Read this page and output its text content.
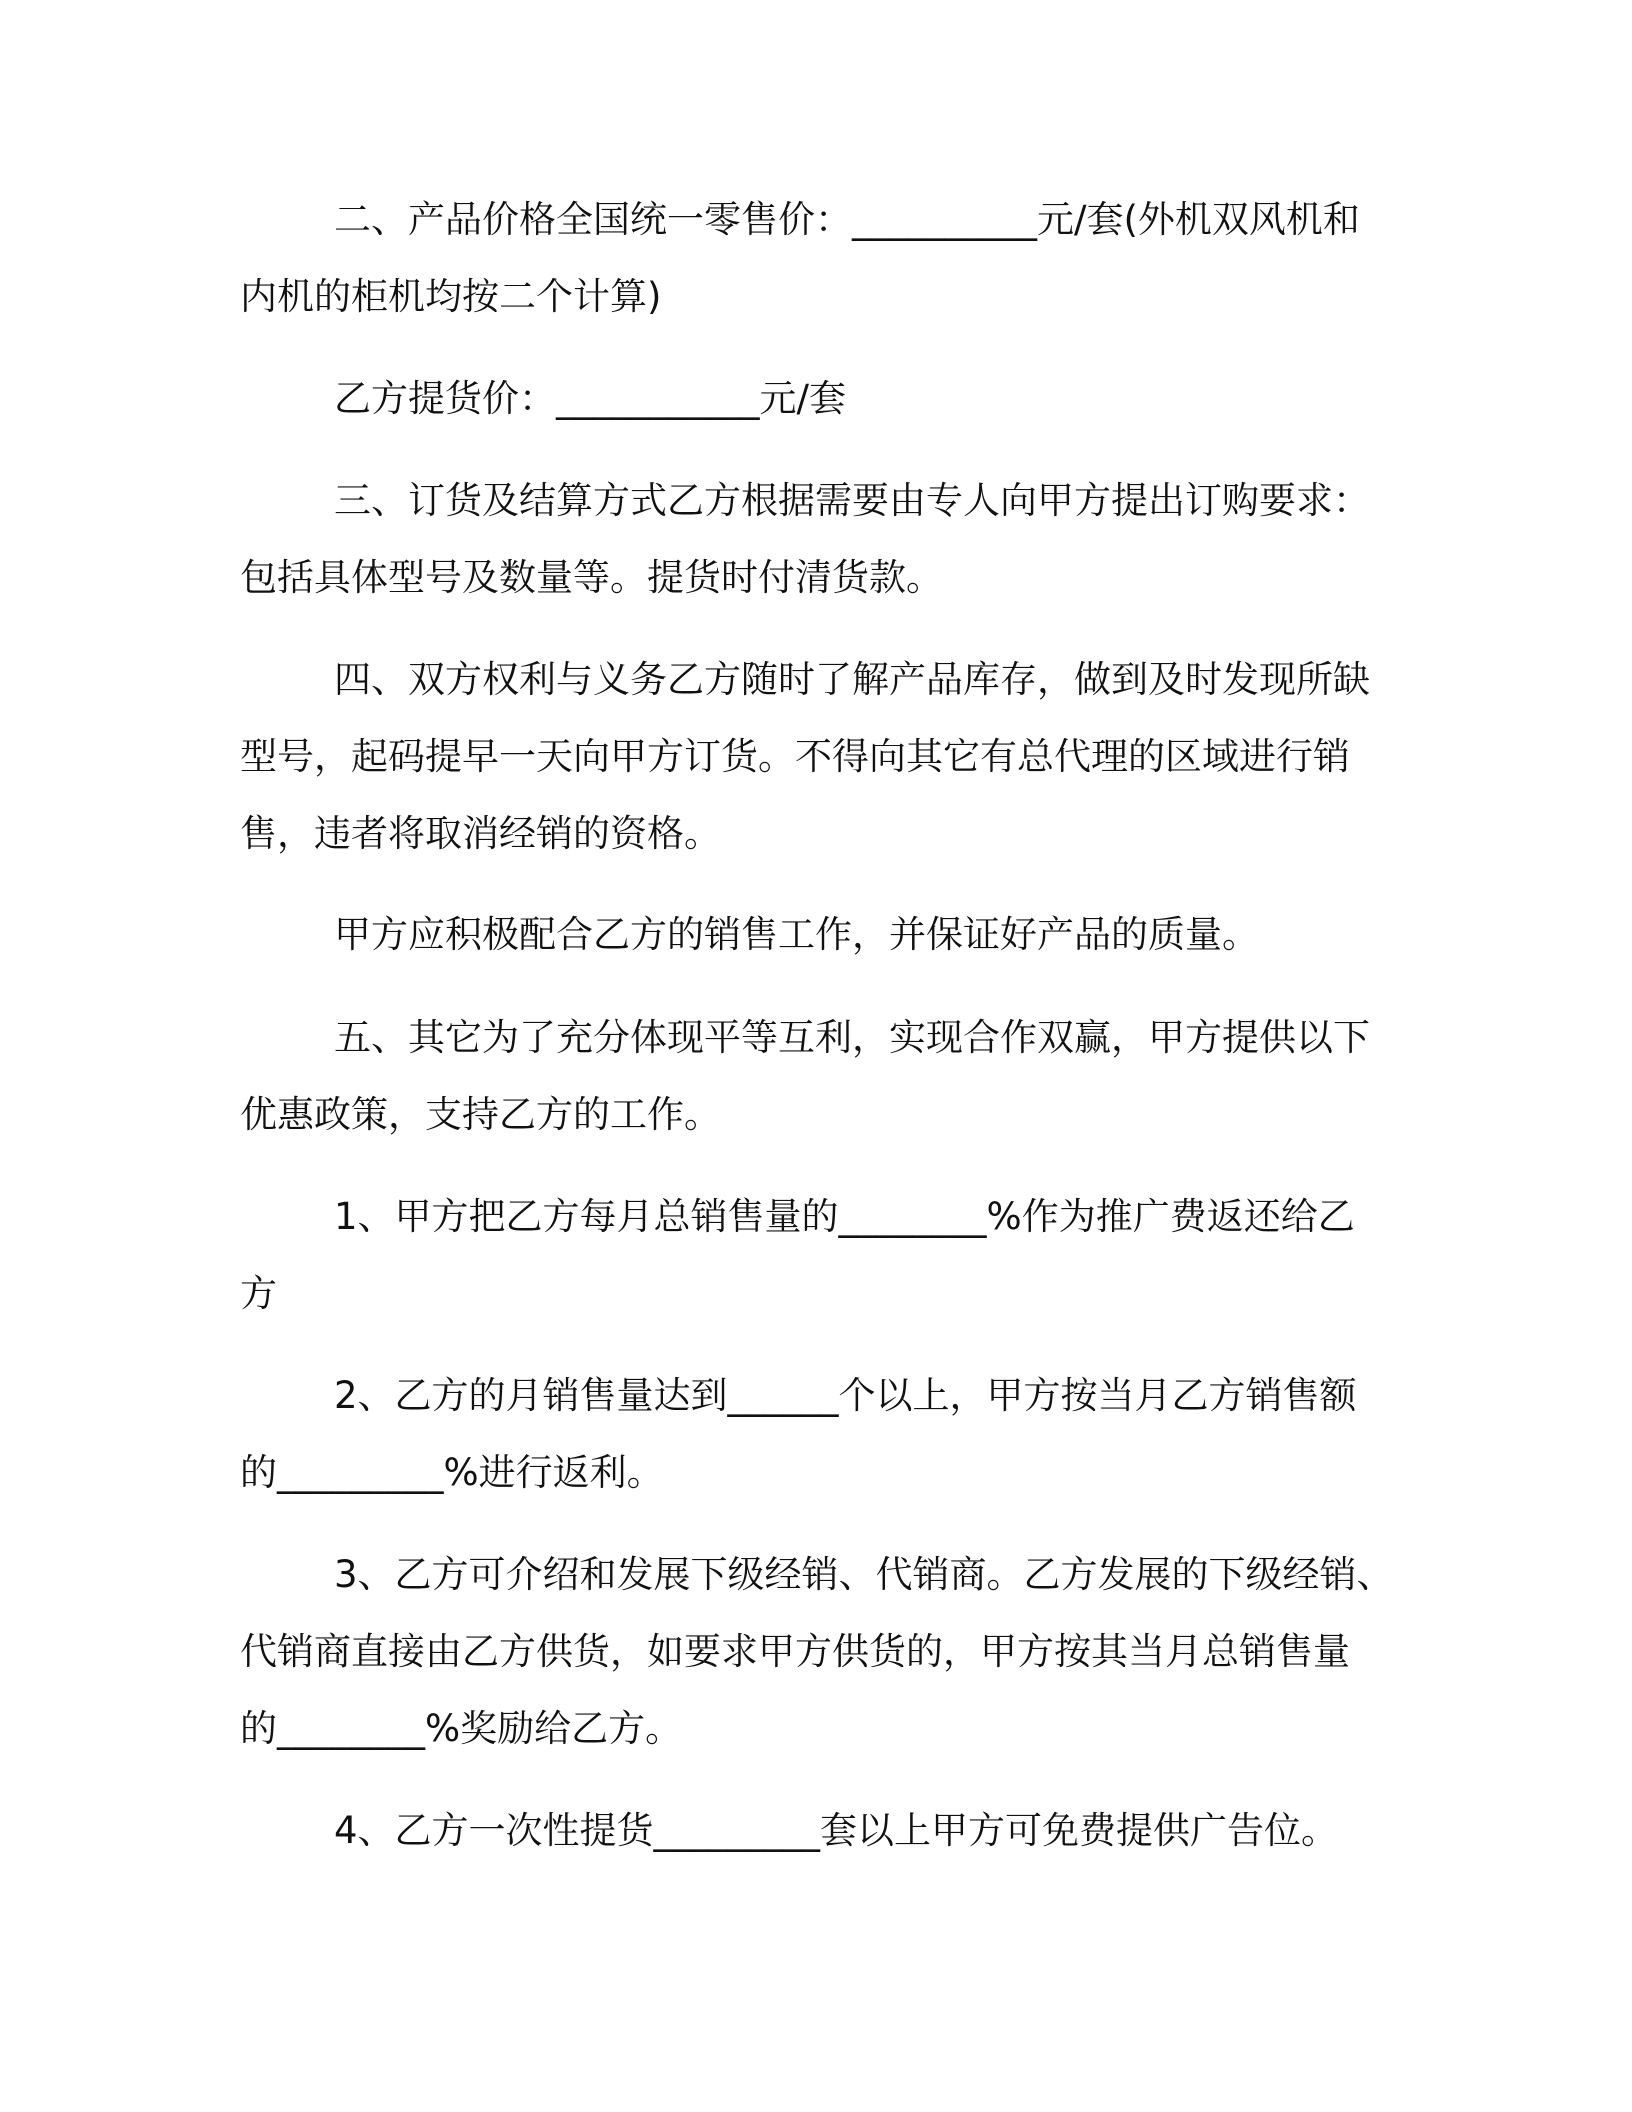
二、产品价格全国统一零售价：__________元/套(外机双风机和
内机的柜机均按二个计算)
乙方提货价：___________元/套
三、订货及结算方式乙方根据需要由专人向甲方提出订购要求：
包括具体型号及数量等。提货时付清货款。
四、双方权利与义务乙方随时了解产品库存，做到及时发现所缺
型号，起码提早一天向甲方订货。不得向其它有总代理的区域进行销
售，违者将取消经销的资格。
甲方应积极配合乙方的销售工作，并保证好产品的质量。
五、其它为了充分体现平等互利，实现合作双赢，甲方提供以下
优惠政策，支持乙方的工作。
1、甲方把乙方每月总销售量的________%作为推广费返还给乙
方
2、乙方的月销售量达到______个以上，甲方按当月乙方销售额
的_________%进行返利。
3、乙方可介绍和发展下级经销、代销商。乙方发展的下级经销、
代销商直接由乙方供货，如要求甲方供货的，甲方按其当月总销售量
的________%奖励给乙方。
4、乙方一次性提货_________套以上甲方可免费提供广告位。
